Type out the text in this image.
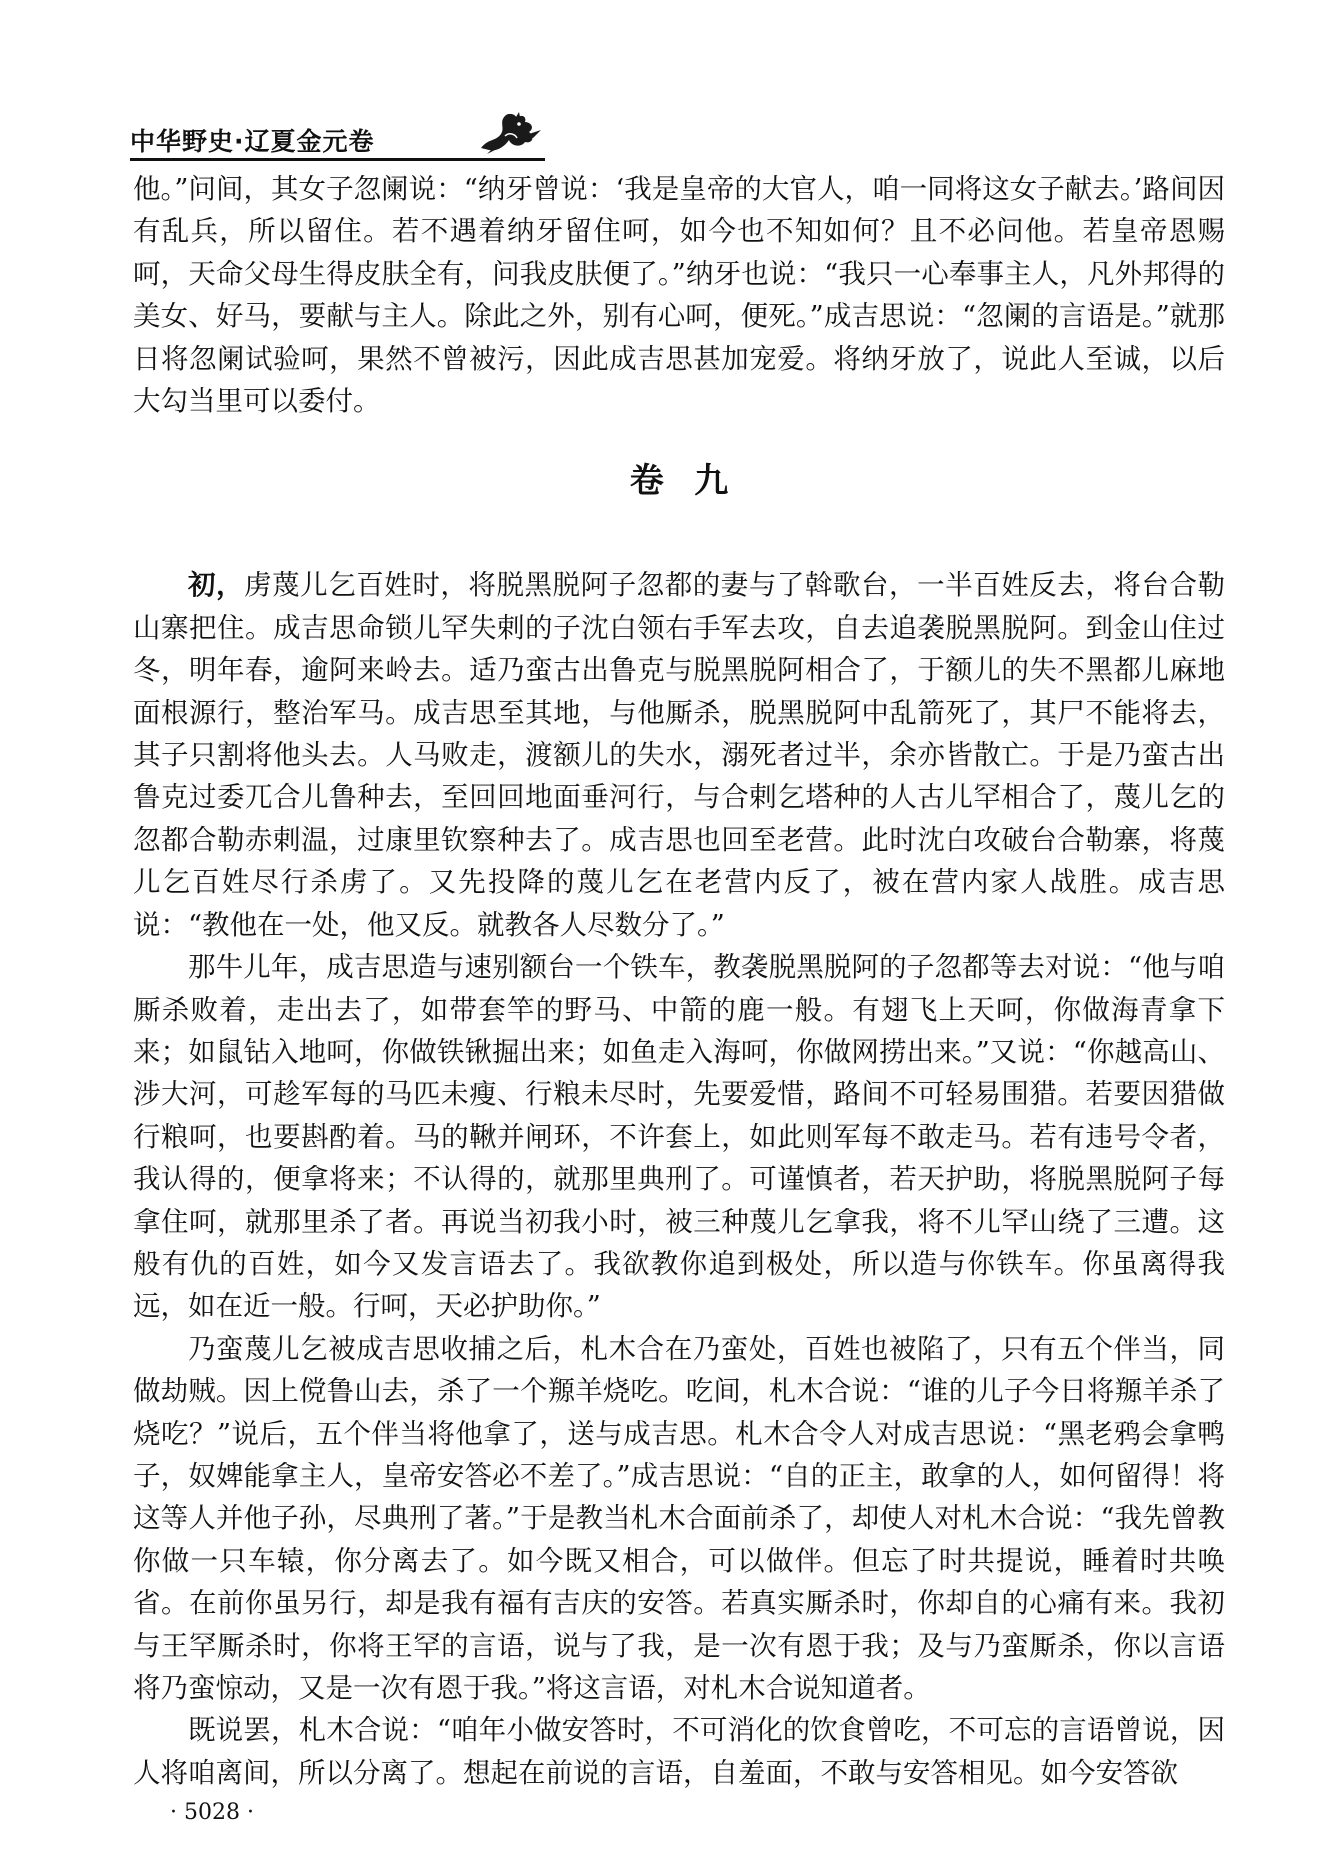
中华野史·辽夏金元卷

他。”问间，其女子忽阑说：“纳牙曾说：‘我是皇帝的大官人，咱一同将这女子献去。’路间因有乱兵，所以留住。若不遇着纳牙留住呵，如今也不知如何？且不必问他。若皇帝恩赐呵，天命父母生得皮肤全有，问我皮肤便了。”纳牙也说：“我只一心奉事主人，凡外邦得的美女、好马，要献与主人。除此之外，别有心呵，便死。”成吉思说：“忽阑的言语是。”就那日将忽阑试验呵，果然不曾被污，因此成吉思甚加宠爱。将纳牙放了，说此人至诚，以后大勾当里可以委付。

卷九

初，虏蔑儿乞百姓时，将脱黑脱阿子忽都的妻与了斡歌台，一半百姓反去，将台合勒山寨把住。成吉思命锁儿罕失剌的子沈白领右手军去攻，自去追袭脱黑脱阿。到金山住过冬，明年春，逾阿来岭去。适乃蛮古出鲁克与脱黑脱阿相合了，于额儿的失不黑都儿麻地面根源行，整治军马。成吉思至其地，与他厮杀，脱黑脱阿中乱箭死了，其尸不能将去，其子只割将他头去。人马败走，渡额儿的失水，溺死者过半，余亦皆散亡。于是乃蛮古出鲁克过委兀合儿鲁种去，至回回地面垂河行，与合剌乞塔种的人古儿罕相合了，蔑儿乞的忽都合勒赤剌温，过康里钦察种去了。成吉思也回至老营。此时沈白攻破台合勒寨，将蔑儿乞百姓尽行杀虏了。又先投降的蔑儿乞在老营内反了，被在营内家人战胜。成吉思说：“教他在一处，他又反。就教各人尽数分了。”

那牛儿年，成吉思造与速别额台一个铁车，教袭脱黑脱阿的子忽都等去对说：“他与咱厮杀败着，走出去了，如带套竿的野马、中箭的鹿一般。有翅飞上天呵，你做海青拿下来；如鼠钻入地呵，你做铁锹掘出来；如鱼走入海呵，你做网捞出来。”又说：“你越高山、涉大河，可趁军每的马匹未瘦、行粮未尽时，先要爱惜，路间不可轻易围猎。若要因猎做行粮呵，也要斟酌着。马的鞦并闸环，不许套上，如此则军每不敢走马。若有违号令者，我认得的，便拿将来；不认得的，就那里典刑了。可谨慎者，若天护助，将脱黑脱阿子每拿住呵，就那里杀了者。再说当初我小时，被三种蔑儿乞拿我，将不儿罕山绕了三遭。这般有仇的百姓，如今又发言语去了。我欲教你追到极处，所以造与你铁车。你虽离得我远，如在近一般。行呵，天必护助你。”

乃蛮蔑儿乞被成吉思收捕之后，札木合在乃蛮处，百姓也被陷了，只有五个伴当，同做劫贼。因上傥鲁山去，杀了一个羱羊烧吃。吃间，札木合说：“谁的儿子今日将羱羊杀了烧吃？”说后，五个伴当将他拿了，送与成吉思。札木合令人对成吉思说：“黑老鸦会拿鸭子，奴婢能拿主人，皇帝安答必不差了。”成吉思说：“自的正主，敢拿的人，如何留得！将这等人并他子孙，尽典刑了著。”于是教当札木合面前杀了，却使人对札木合说：“我先曾教你做一只车辕，你分离去了。如今既又相合，可以做伴。但忘了时共提说，睡着时共唤省。在前你虽另行，却是我有福有吉庆的安答。若真实厮杀时，你却自的心痛有来。我初与王罕厮杀时，你将王罕的言语，说与了我，是一次有恩于我；及与乃蛮厮杀，你以言语将乃蛮惊动，又是一次有恩于我。”将这言语，对札木合说知道者。

既说罢，札木合说：“咱年小做安答时，不可消化的饮食曾吃，不可忘的言语曾说，因人将咱离间，所以分离了。想起在前说的言语，自羞面，不敢与安答相见。如今安答欲

· 5028 ·
